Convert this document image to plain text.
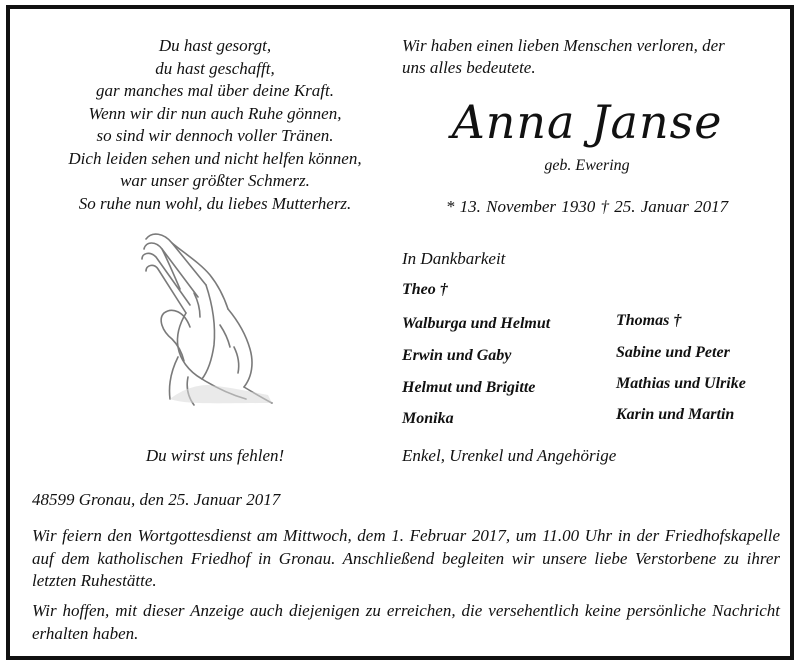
Du hast gesorgt,
du hast geschafft,
gar manches mal über deine Kraft.
Wenn wir dir nun auch Ruhe gönnen,
so sind wir dennoch voller Tränen.
Dich leiden sehen und nicht helfen können,
war unser größter Schmerz.
So ruhe nun wohl, du liebes Mutterherz.
Wir haben einen lieben Menschen verloren, der
uns alles bedeutete.
Anna Janse
geb. Ewering
* 13. November 1930 † 25. Januar 2017
In Dankbarkeit
Theo †
Walburga und Helmut
Erwin und Gaby
Helmut und Brigitte
Monika
Thomas †
Sabine und Peter
Mathias und Ulrike
Karin und Martin
Du wirst uns fehlen!	Enkel, Urenkel und Angehörige
48599 Gronau, den 25. Januar 2017
Wir feiern den Wortgottesdienst am Mittwoch, dem 1. Februar 2017, um 11.00 Uhr in der Friedhofskapelle auf dem katholischen Friedhof in Gronau. Anschließend begleiten wir unsere liebe Verstorbene zu ihrer letzten Ruhestätte.
Wir hoffen, mit dieser Anzeige auch diejenigen zu erreichen, die versehentlich keine persönliche Nachricht erhalten haben.
